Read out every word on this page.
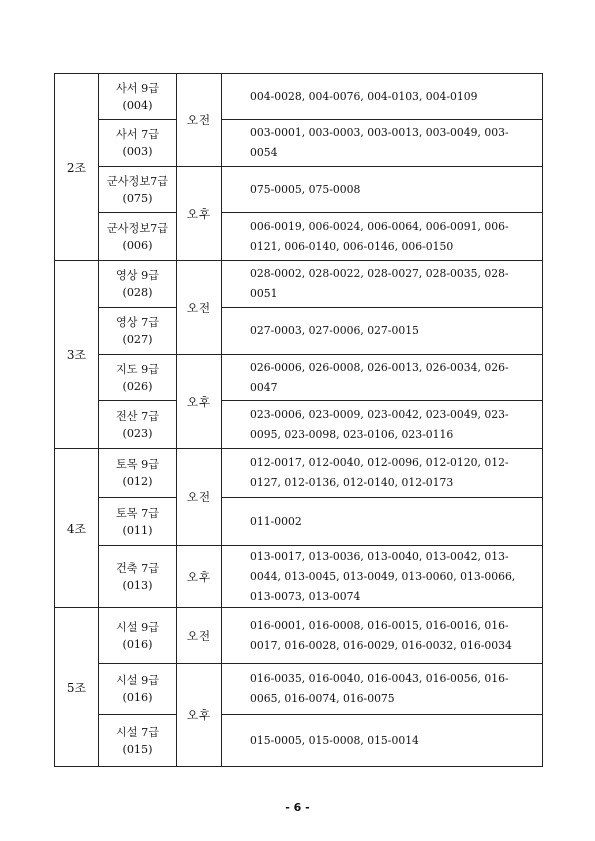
2조	사서 9급
(004)	오전	004-0028, 004-0076, 004-0103, 004-0109

	사서 7급
(003)		003-0001, 003-0003, 003-0013, 003-0049, 003-0054

	군사정보7급
(075)	오후	075-0005, 075-0008

	군사정보7급
(006)		006-0019, 006-0024, 006-0064, 006-0091, 006-0121, 006-0140, 006-0146, 006-0150
3조	영상 9급
(028)	오전	028-0002, 028-0022, 028-0027, 028-0035, 028-0051

	영상 7급
(027)		027-0003, 027-0006, 027-0015

	지도 9급
(026)	오후	026-0006, 026-0008, 026-0013, 026-0034, 026-0047

	전산 7급
(023)		023-0006, 023-0009, 023-0042, 023-0049, 023-0095, 023-0098, 023-0106, 023-0116
4조	토목 9급
(012)	오전	012-0017, 012-0040, 012-0096, 012-0120, 012-0127, 012-0136, 012-0140, 012-0173

	토목 7급
(011)		011-0002

	건축 7급
(013)	오후	013-0017, 013-0036, 013-0040, 013-0042, 013-0044, 013-0045, 013-0049, 013-0060, 013-0066, 013-0073, 013-0074
5조	시설 9급
(016)	오전	016-0001, 016-0008, 016-0015, 016-0016, 016-0017, 016-0028, 016-0029, 016-0032, 016-0034

	시설 9급
(016)	오후	016-0035, 016-0040, 016-0043, 016-0056, 016-0065, 016-0074, 016-0075

	시설 7급
(015)		015-0005, 015-0008, 015-0014
- 6 -
